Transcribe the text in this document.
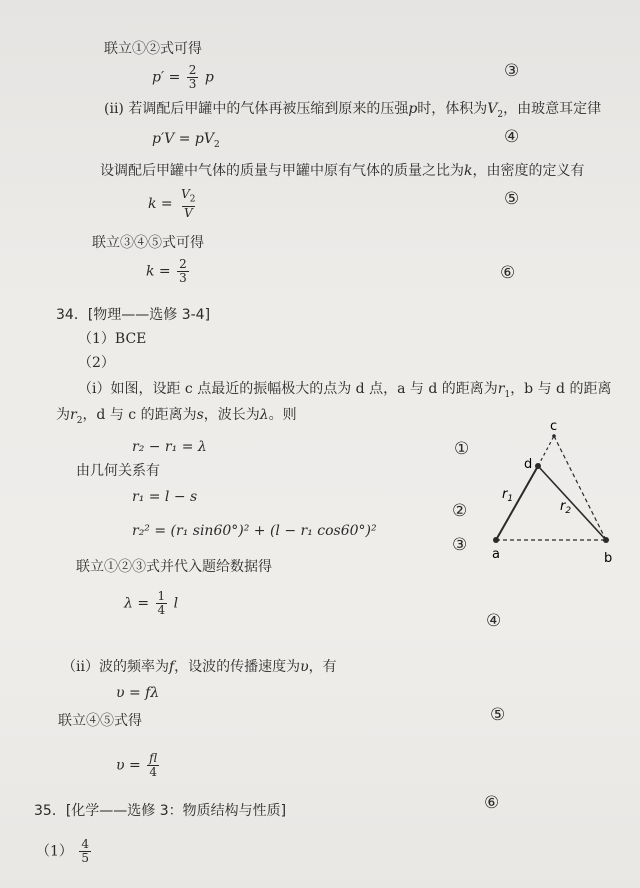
联立①②式可得
$p' = \frac{2}{3}$ p	③
(ⅱ) 若调配后甲罐中的气体再被压缩到原来的压强p时，体积为$V_2$，由玻意耳定律
$p'V = pV_2$	④
设调配后甲罐中气体的质量与甲罐中原有气体的质量之比为k，由密度的定义有
$k = \frac{V_2}{V}$	⑤
联立③④⑤式可得
$k = \frac{2}{3}$	⑥
34．[物理——选修 3-4]
（1）BCE
（2）
（ⅰ）如图，设距 c 点最近的振幅极大的点为 d 点，a 与 d 的距离为$r_1$，b 与 d 的距离
为$r_2$，d 与 c 的距离为s，波长为λ。则
r₂ − r₁ = λ	①
由几何关系有
r₁ = l − s
②
r₂² = (r₁ sin60°)² + (l − r₁ cos60°)²
③
联立①②③式并代入题给数据得
$\lambda = \frac{1}{4}$ l
④
（ⅱ）波的频率为f，设波的传播速度为υ，有
υ = fλ
⑤
联立④⑤式得
$\upsilon = \frac{fl}{4}$
⑥
35．[化学——选修 3：物质结构与性质]
$(1) \frac{4}{5}$
a	b
c
d
$r_1$	$r_2$
